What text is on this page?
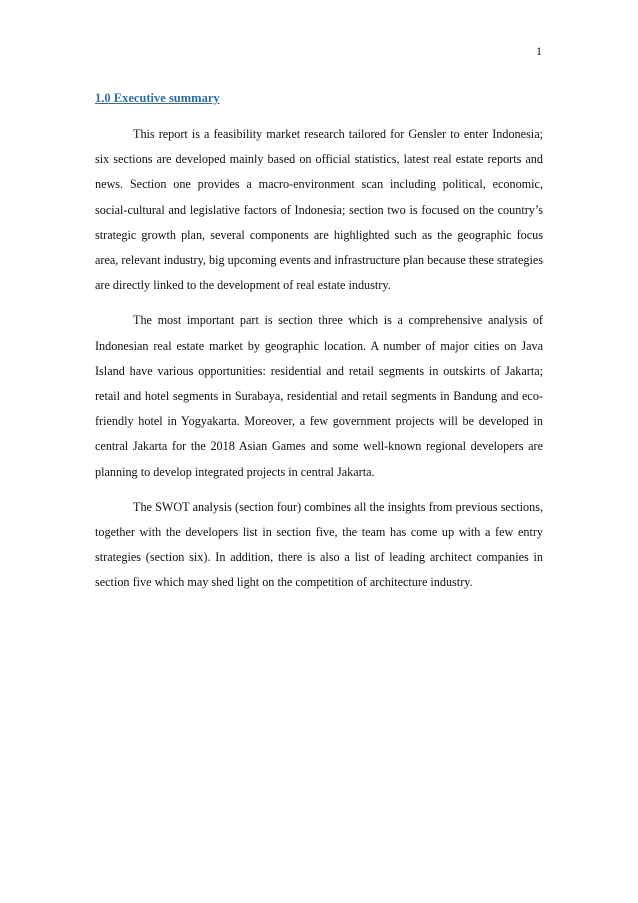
1
1.0 Executive summary

This report is a feasibility market research tailored for Gensler to enter Indonesia; six sections are developed mainly based on official statistics, latest real estate reports and news. Section one provides a macro-environment scan including political, economic, social-cultural and legislative factors of Indonesia; section two is focused on the country’s strategic growth plan, several components are highlighted such as the geographic focus area, relevant industry, big upcoming events and infrastructure plan because these strategies are directly linked to the development of real estate industry.

The most important part is section three which is a comprehensive analysis of Indonesian real estate market by geographic location. A number of major cities on Java Island have various opportunities: residential and retail segments in outskirts of Jakarta; retail and hotel segments in Surabaya, residential and retail segments in Bandung and eco-friendly hotel in Yogyakarta. Moreover, a few government projects will be developed in central Jakarta for the 2018 Asian Games and some well-known regional developers are planning to develop integrated projects in central Jakarta.

The SWOT analysis (section four) combines all the insights from previous sections, together with the developers list in section five, the team has come up with a few entry strategies (section six). In addition, there is also a list of leading architect companies in section five which may shed light on the competition of architecture industry.
